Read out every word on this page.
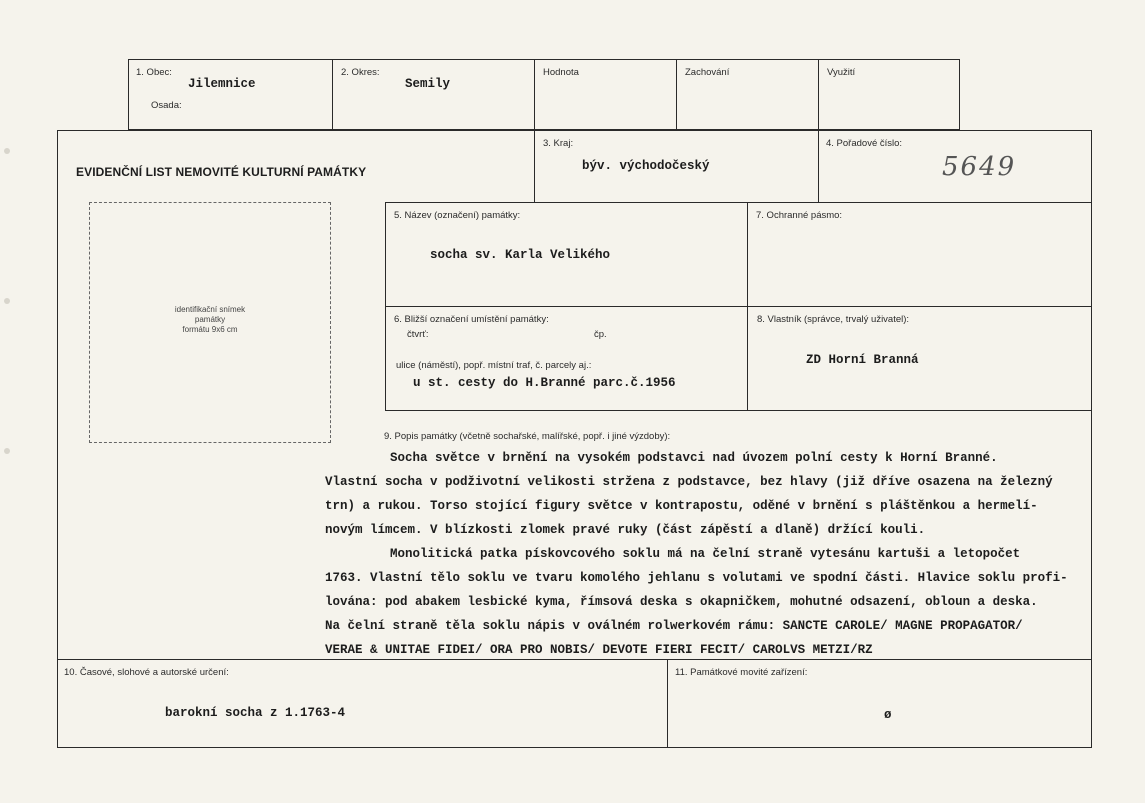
1. Obec:
Jilemnice
Osada:
2. Okres:
Semily
Hodnota	Zachování	Využití
EVIDENČNÍ LIST NEMOVITÉ KULTURNÍ PAMÁTKY
3. Kraj:
býv. východočeský
4. Pořadové číslo:
5649
identifikační snímek
památky
formátu 9x6 cm
5. Název (označení) památky:
socha sv. Karla Velikého
7. Ochranné pásmo:
6. Bližší označení umístění památky:
čtvrť:	čp.
ulice (náměstí), popř. místní traf, č. parcely aj.:
u st. cesty do H.Branné parc.č.1956
8. Vlastník (správce, trvalý uživatel):
ZD Horní Branná
9. Popis památky (včetně sochařské, malířské, popř. i jiné výzdoby):
Socha světce v brnění na vysokém podstavci nad úvozem polní cesty k Horní Branné.
Vlastní socha v podživotní velikosti stržena z podstavce, bez hlavy (již dříve osazena na železný
trn) a rukou. Torso stojící figury světce v kontrapostu, oděné v brnění s pláštěnkou a hermelí-
novým límcem. V blízkosti zlomek pravé ruky (část zápěstí a dlaně) držící kouli.
Monolitická patka pískovcového soklu má na čelní straně vytesánu kartuši a letopočet
1763. Vlastní tělo soklu ve tvaru komolého jehlanu s volutami ve spodní části. Hlavice soklu profi-
lována: pod abakem lesbické kyma, římsová deska s okapničkem, mohutné odsazení, obloun a deska.
Na čelní straně těla soklu nápis v oválném rolwerkovém rámu: SANCTE CAROLE/ MAGNE PROPAGATOR/
VERAE & UNITAE FIDEI/ ORA PRO NOBIS/ DEVOTE FIERI FECIT/ CAROLVS METZI/RZ
10. Časové, slohové a autorské určení:
barokní socha z 1.1763-4
11. Památkové movité zařízení:
ø
